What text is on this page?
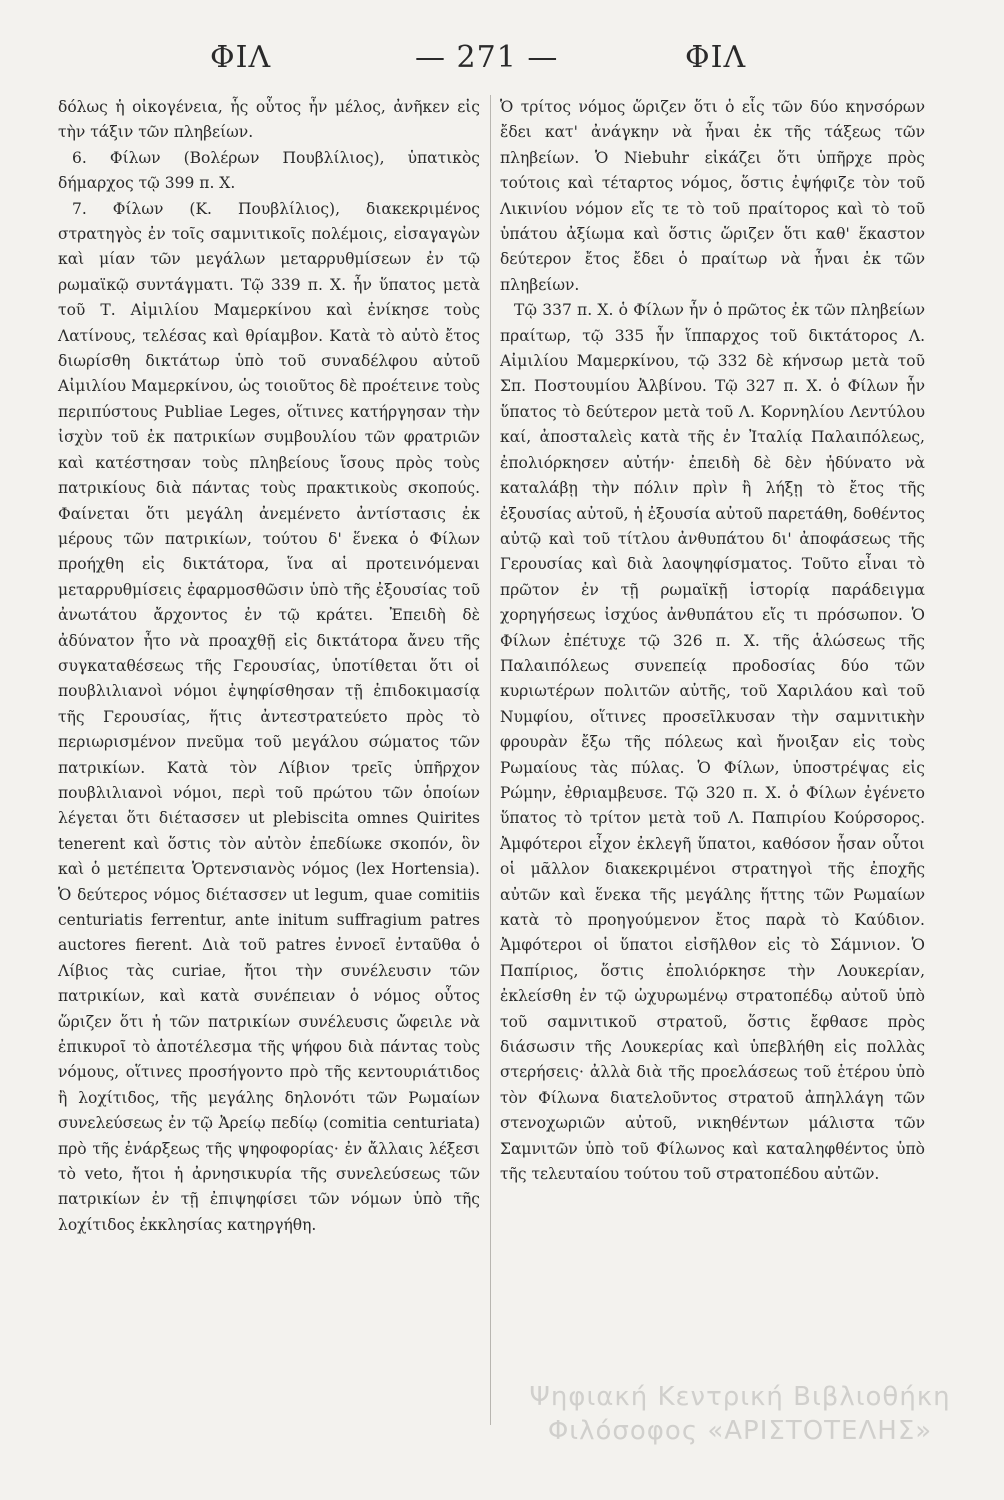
ΦΙΛ	— 271 —	ΦΙΛ

δόλως ἡ οἰκογένεια, ἧς οὗτος ἦν μέλος, ἀνῆκεν εἰς τὴν τάξιν τῶν πληβείων.

6. Φίλων (Βολέρων Πουβλίλιος), ὑπατικὸς δήμαρχος τῷ 399 π. Χ.

7. Φίλων (Κ. Πουβλίλιος), διακεκριμένος στρατηγὸς ἐν τοῖς σαμνιτικοῖς πολέμοις, εἰσαγαγὼν καὶ μίαν τῶν μεγάλων μεταρρυθμίσεων ἐν τῷ ρωμαϊκῷ συντάγματι. Τῷ 339 π. Χ. ἦν ὕπατος μετὰ τοῦ Τ. Αἰμιλίου Μαμερκίνου καὶ ἐνίκησε τοὺς Λατίνους, τελέσας καὶ θρίαμβον. Κατὰ τὸ αὐτὸ ἔτος διωρίσθη δικτάτωρ ὑπὸ τοῦ συναδέλφου αὐτοῦ Αἰμιλίου Μαμερκίνου, ὡς τοιοῦτος δὲ προέτεινε τοὺς περιπύστους Publiae Leges, οἵτινες κατήργησαν τὴν ἰσχὺν τοῦ ἐκ πατρικίων συμβουλίου τῶν φρατριῶν καὶ κατέστησαν τοὺς πληβείους ἴσους πρὸς τοὺς πατρικίους διὰ πάντας τοὺς πρακτικοὺς σκοπούς. Φαίνεται ὅτι μεγάλη ἀνεμένετο ἀντίστασις ἐκ μέρους τῶν πατρικίων, τούτου δ' ἕνεκα ὁ Φίλων προήχθη εἰς δικτάτορα, ἵνα αἱ προτεινόμεναι μεταρρυθμίσεις ἐφαρμοσθῶσιν ὑπὸ τῆς ἐξουσίας τοῦ ἀνωτάτου ἄρχοντος ἐν τῷ κράτει. Ἐπειδὴ δὲ ἀδύνατον ἦτο νὰ προαχθῇ εἰς δικτάτορα ἄνευ τῆς συγκαταθέσεως τῆς Γερουσίας, ὑποτίθεται ὅτι οἱ πουβλιλιανοὶ νόμοι ἐψηφίσθησαν τῇ ἐπιδοκιμασίᾳ τῆς Γερουσίας, ἥτις ἀντεστρατεύετο πρὸς τὸ περιωρισμένον πνεῦμα τοῦ μεγάλου σώματος τῶν πατρικίων. Κατὰ τὸν Λίβιον τρεῖς ὑπῆρχον πουβλιλιανοὶ νόμοι, περὶ τοῦ πρώτου τῶν ὁποίων λέγεται ὅτι διέτασσεν ut plebiscita omnes Quirites tenerent καὶ ὅστις τὸν αὐτὸν ἐπεδίωκε σκοπόν, ὃν καὶ ὁ μετέπειτα Ὁρτενσιανὸς νόμος (lex Hortensia). Ὁ δεύτερος νόμος διέτασσεν ut legum, quae comitiis centuriatis ferrentur, ante initum suffragium patres auctores fierent. Διὰ τοῦ patres ἐννοεῖ ἐνταῦθα ὁ Λίβιος τὰς curiae, ἤτοι τὴν συνέλευσιν τῶν πατρικίων, καὶ κατὰ συνέπειαν ὁ νόμος οὗτος ὥριζεν ὅτι ἡ τῶν πατρικίων συνέλευσις ὤφειλε νὰ ἐπικυροῖ τὸ ἀποτέλεσμα τῆς ψήφου διὰ πάντας τοὺς νόμους, οἵτινες προσήγοντο πρὸ τῆς κεντουριάτιδος ἢ λοχίτιδος, τῆς μεγάλης δηλονότι τῶν Ρωμαίων συνελεύσεως ἐν τῷ Ἀρείῳ πεδίῳ (comitia centuriata) πρὸ τῆς ἐνάρξεως τῆς ψηφοφορίας· ἐν ἄλλαις λέξεσι τὸ veto, ἤτοι ἡ ἀρνησικυρία τῆς συνελεύσεως τῶν πατρικίων ἐν τῇ ἐπιψηφίσει τῶν νόμων ὑπὸ τῆς λοχίτιδος ἐκκλησίας κατηργήθη.

Ὁ τρίτος νόμος ὥριζεν ὅτι ὁ εἷς τῶν δύο κηνσόρων ἔδει κατ' ἀνάγκην νὰ ἦναι ἐκ τῆς τάξεως τῶν πληβείων. Ὁ Niebuhr εἰκάζει ὅτι ὑπῆρχε πρὸς τούτοις καὶ τέταρτος νόμος, ὅστις ἐψήφιζε τὸν τοῦ Λικινίου νόμον εἴς τε τὸ τοῦ πραίτορος καὶ τὸ τοῦ ὑπάτου ἀξίωμα καὶ ὅστις ὥριζεν ὅτι καθ' ἕκαστον δεύτερον ἔτος ἔδει ὁ πραίτωρ νὰ ἦναι ἐκ τῶν πληβείων.

Τῷ 337 π. Χ. ὁ Φίλων ἦν ὁ πρῶτος ἐκ τῶν πληβείων πραίτωρ, τῷ 335 ἦν ἵππαρχος τοῦ δικτάτορος Λ. Αἰμιλίου Μαμερκίνου, τῷ 332 δὲ κήνσωρ μετὰ τοῦ Σπ. Ποστουμίου Ἀλβίνου. Τῷ 327 π. Χ. ὁ Φίλων ἦν ὕπατος τὸ δεύτερον μετὰ τοῦ Λ. Κορνηλίου Λεντύλου καί, ἀποσταλεὶς κατὰ τῆς ἐν Ἰταλίᾳ Παλαιπόλεως, ἐπολιόρκησεν αὐτήν· ἐπειδὴ δὲ δὲν ἠδύνατο νὰ καταλάβῃ τὴν πόλιν πρὶν ἢ λήξῃ τὸ ἔτος τῆς ἐξουσίας αὐτοῦ, ἡ ἐξουσία αὐτοῦ παρετάθη, δοθέντος αὐτῷ καὶ τοῦ τίτλου ἀνθυπάτου δι' ἀποφάσεως τῆς Γερουσίας καὶ διὰ λαοψηφίσματος. Τοῦτο εἶναι τὸ πρῶτον ἐν τῇ ρωμαϊκῇ ἱστορίᾳ παράδειγμα χορηγήσεως ἰσχύος ἀνθυπάτου εἴς τι πρόσωπον. Ὁ Φίλων ἐπέτυχε τῷ 326 π. Χ. τῆς ἁλώσεως τῆς Παλαιπόλεως συνεπείᾳ προδοσίας δύο τῶν κυριωτέρων πολιτῶν αὐτῆς, τοῦ Χαριλάου καὶ τοῦ Νυμφίου, οἵτινες προσεῖλκυσαν τὴν σαμνιτικὴν φρουρὰν ἔξω τῆς πόλεως καὶ ἤνοιξαν εἰς τοὺς Ρωμαίους τὰς πύλας. Ὁ Φίλων, ὑποστρέψας εἰς Ρώμην, ἐθριαμβευσε. Τῷ 320 π. Χ. ὁ Φίλων ἐγένετο ὕπατος τὸ τρίτον μετὰ τοῦ Λ. Παπιρίου Κούρσορος. Ἀμφότεροι εἶχον ἐκλεγῆ ὕπατοι, καθόσον ἦσαν οὗτοι οἱ μᾶλλον διακεκριμένοι στρατηγοὶ τῆς ἐποχῆς αὐτῶν καὶ ἕνεκα τῆς μεγάλης ἥττης τῶν Ρωμαίων κατὰ τὸ προηγούμενον ἔτος παρὰ τὸ Καύδιον. Ἀμφότεροι οἱ ὕπατοι εἰσῆλθον εἰς τὸ Σάμνιον. Ὁ Παπίριος, ὅστις ἐπολιόρκησε τὴν Λουκερίαν, ἐκλείσθη ἐν τῷ ὠχυρωμένῳ στρατοπέδῳ αὐτοῦ ὑπὸ τοῦ σαμνιτικοῦ στρατοῦ, ὅστις ἔφθασε πρὸς διάσωσιν τῆς Λουκερίας καὶ ὑπεβλήθη εἰς πολλὰς στερήσεις· ἀλλὰ διὰ τῆς προελάσεως τοῦ ἑτέρου ὑπὸ τὸν Φίλωνα διατελοῦντος στρατοῦ ἀπηλλάγη τῶν στενοχωριῶν αὐτοῦ, νικηθέντων μάλιστα τῶν Σαμνιτῶν ὑπὸ τοῦ Φίλωνος καὶ καταληφθέντος ὑπὸ τῆς τελευταίου τούτου τοῦ στρατοπέδου αὐτῶν.

Ψηφιακή Κεντρική Βιβλιοθήκη Φιλόσοφος «ΑΡΙΣΤΟΤΕΛΗΣ»
